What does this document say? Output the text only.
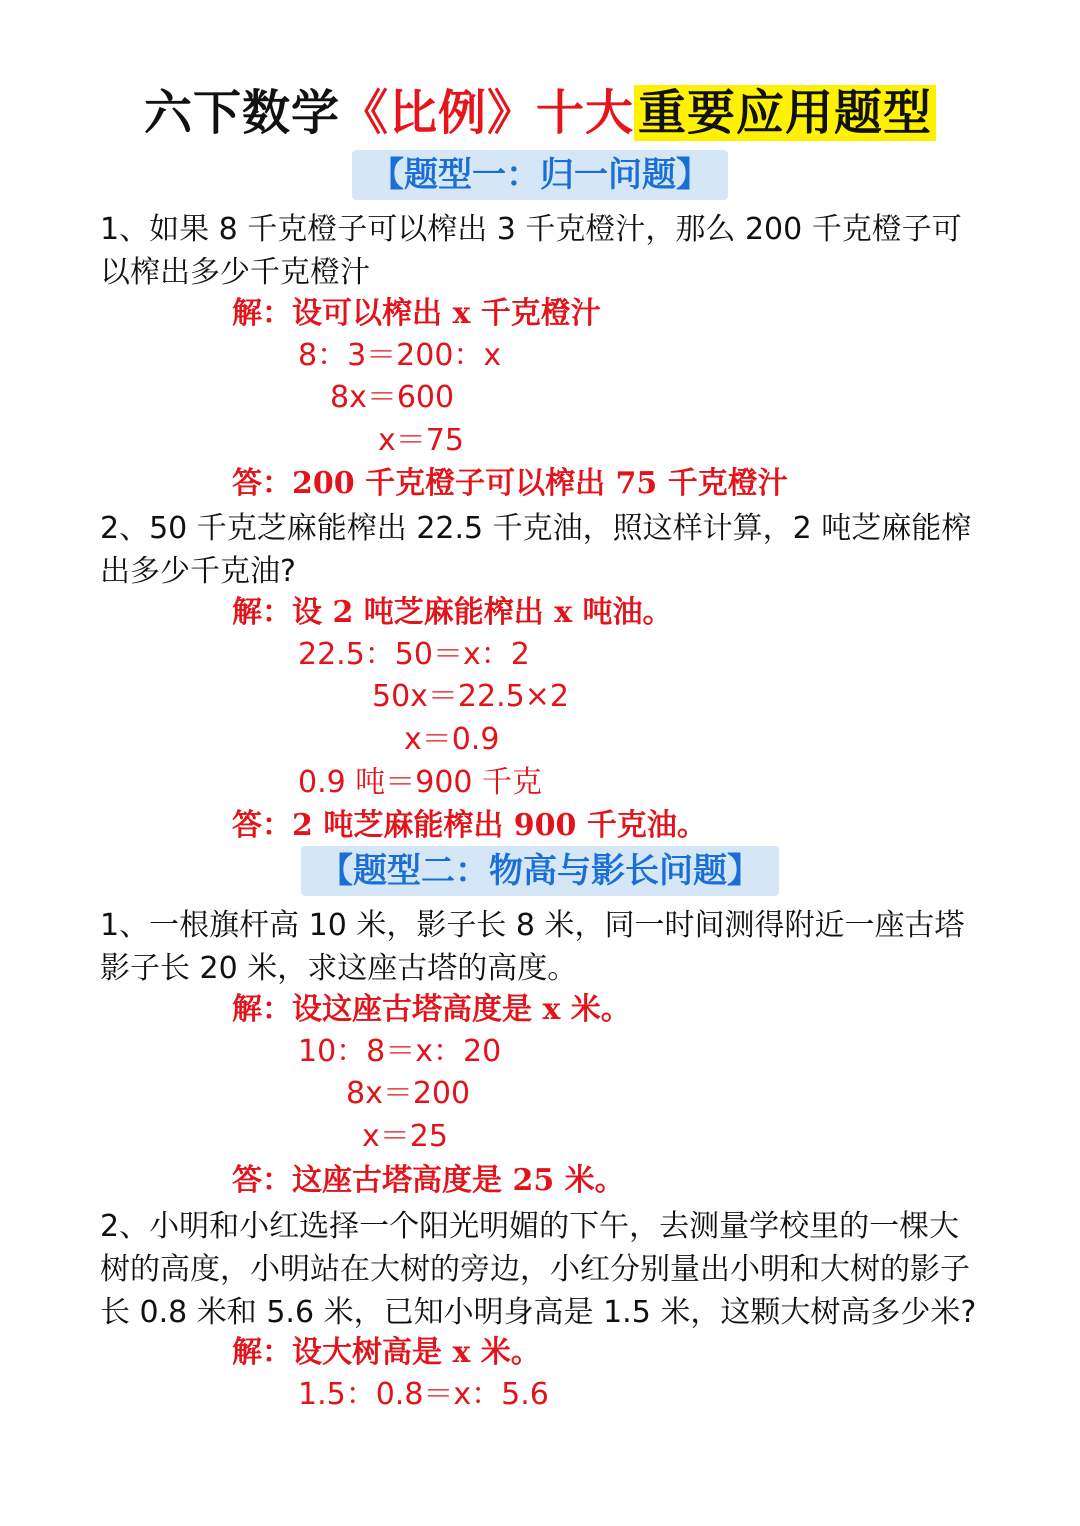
六下数学《比例》十大重要应用题型
【题型一：归一问题】

1、如果 8 千克橙子可以榨出 3 千克橙汁，那么 200 千克橙子可以榨出多少千克橙汁

解：设可以榨出 x 千克橙汁
8：3＝200：x
8x＝600
x＝75
答：200 千克橙子可以榨出 75 千克橙汁

2、50 千克芝麻能榨出 22.5 千克油，照这样计算，2 吨芝麻能榨出多少千克油?

解：设 2 吨芝麻能榨出 x 吨油。
22.5：50＝x：2
50x＝22.5×2
x＝0.9
0.9 吨＝900 千克
答：2 吨芝麻能榨出 900 千克油。
【题型二：物高与影长问题】

1、一根旗杆高 10 米，影子长 8 米，同一时间测得附近一座古塔影子长 20 米，求这座古塔的高度。

解：设这座古塔高度是 x 米。
10：8＝x：20
8x＝200
x＝25
答：这座古塔高度是 25 米。

2、小明和小红选择一个阳光明媚的下午，去测量学校里的一棵大树的高度，小明站在大树的旁边，小红分别量出小明和大树的影子长 0.8 米和 5.6 米，已知小明身高是 1.5 米，这颗大树高多少米?

解：设大树高是 x 米。
1.5：0.8＝x：5.6
